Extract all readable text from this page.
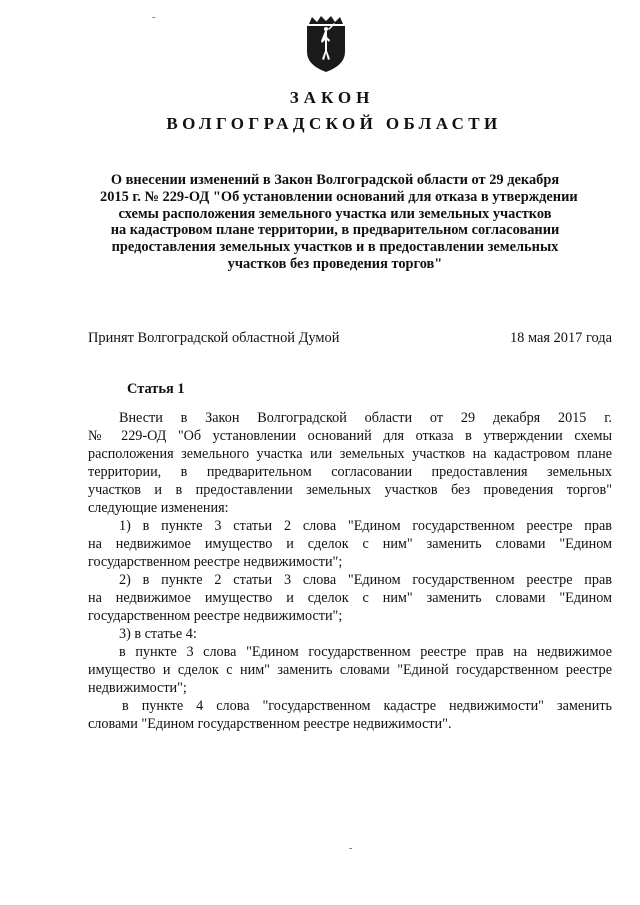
ЗАКОН
ВОЛГОГРАДСКОЙ ОБЛАСТИ
О внесении изменений в Закон Волгоградской области от 29 декабря
2015 г. № 229-ОД "Об установлении оснований для отказа в утверждении
схемы расположения земельного участка или земельных участков
на кадастровом плане территории, в предварительном согласовании
предоставления земельных участков и в предоставлении земельных
участков без проведения торгов"
Принят Волгоградской областной Думой	18 мая 2017 года
Статья 1
Внести в Закон Волгоградской области от 29 декабря 2015 г.
№ 229-ОД "Об установлении оснований для отказа в утверждении схемы
расположения земельного участка или земельных участков на кадастровом плане
территории, в предварительном согласовании предоставления земельных
участков и в предоставлении земельных участков без проведения торгов"
следующие изменения:
1) в пункте 3 статьи 2 слова "Едином государственном реестре прав
на недвижимое имущество и сделок с ним" заменить словами "Едином
государственном реестре недвижимости";
2) в пункте 2 статьи 3 слова "Едином государственном реестре прав
на недвижимое имущество и сделок с ним" заменить словами "Едином
государственном реестре недвижимости";
3) в статье 4:
в пункте 3 слова "Едином государственном реестре прав на недвижимое
имущество и сделок с ним" заменить словами "Единой государственном реестре
недвижимости";
в пункте 4 слова "государственном кадастре недвижимости" заменить
словами "Едином государственном реестре недвижимости".
-
-
